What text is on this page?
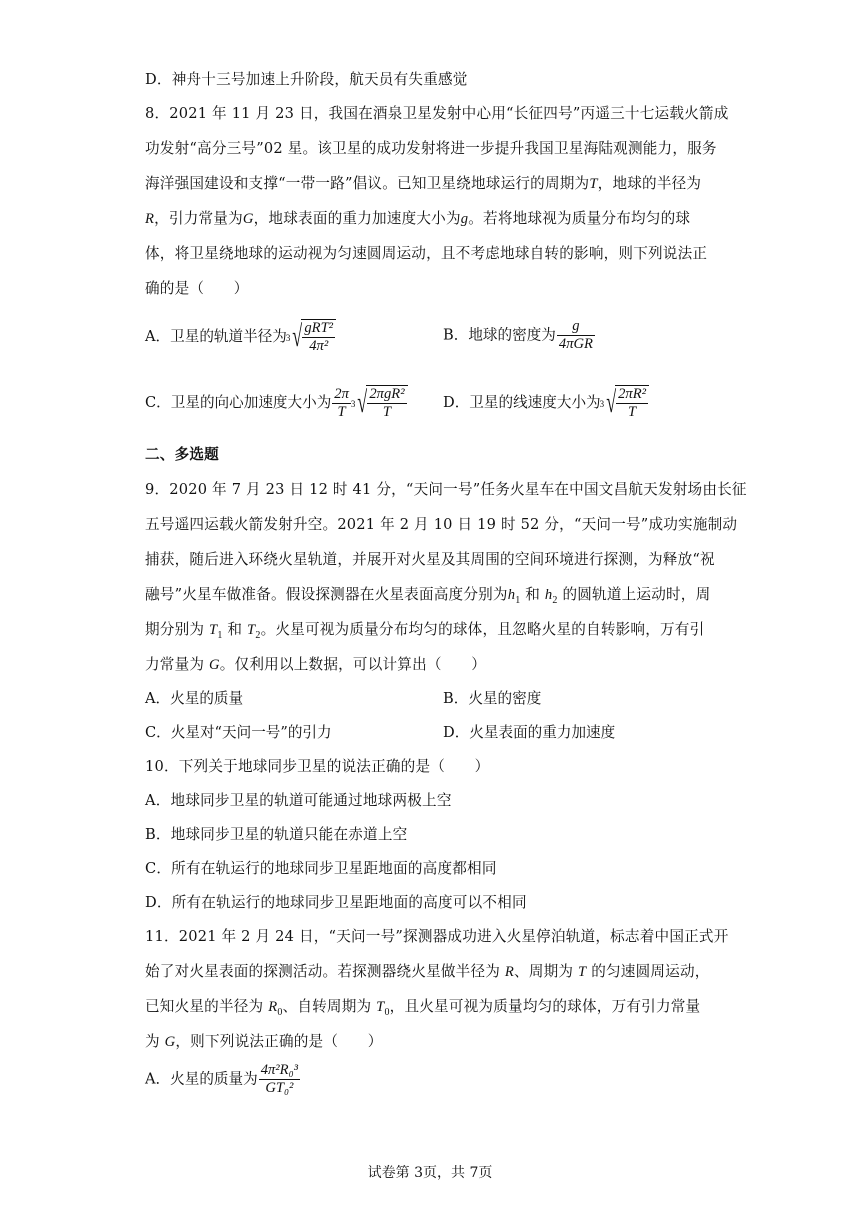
D．神舟十三号加速上升阶段，航天员有失重感觉
8．2021 年 11 月 23 日，我国在酒泉卫星发射中心用“长征四号”丙遥三十七运载火箭成
功发射“高分三号”02 星。该卫星的成功发射将进一步提升我国卫星海陆观测能力，服务
海洋强国建设和支撑“一带一路”倡议。已知卫星绕地球运行的周期为T，地球的半径为
R，引力常量为G，地球表面的重力加速度大小为g。若将地球视为质量分布均匀的球
体，将卫星绕地球的运动视为匀速圆周运动，且不考虑地球自转的影响，则下列说法正
确的是（　　）
A．卫星的轨道半径为 3 √ $\frac{\text{gRT²}}{\text{4π²}}$	B．地球的密度为 $\frac{g}{\text{4πGR}}$
C．卫星的向心加速度大小为 $\frac{2\pi}{T} 3$ √ $\frac{\text{2πgR²}}{T}$ D．卫星的线速度大小为 3 √ $\frac{\text{2πR²}}{T}$
二、多选题
9．2020 年 7 月 23 日 12 时 41 分，“天问一号”任务火星车在中国文昌航天发射场由长征
五号遥四运载火箭发射升空。2021 年 2 月 10 日 19 时 52 分，“天问一号”成功实施制动
捕获，随后进入环绕火星轨道，并展开对火星及其周围的空间环境进行探测，为释放“祝
融号”火星车做准备。假设探测器在火星表面高度分别为$h_1$ 和 $h_2$ 的圆轨道上运动时，周
期分别为 $T_1$ 和 $T_2$。火星可视为质量分布均匀的球体，且忽略火星的自转影响，万有引
力常量为 G。仅利用以上数据，可以计算出（　　）
A．火星的质量	B．火星的密度
C．火星对“天问一号”的引力	D．火星表面的重力加速度
10．下列关于地球同步卫星的说法正确的是（　　）
A．地球同步卫星的轨道可能通过地球两极上空
B．地球同步卫星的轨道只能在赤道上空
C．所有在轨运行的地球同步卫星距地面的高度都相同
D．所有在轨运行的地球同步卫星距地面的高度可以不相同
11．2021 年 2 月 24 日，“天问一号”探测器成功进入火星停泊轨道，标志着中国正式开
始了对火星表面的探测活动。若探测器绕火星做半径为 R、周期为 T 的匀速圆周运动，
已知火星的半径为 $R_0$、自转周期为 $T_0$，且火星可视为质量均匀的球体，万有引力常量
为 G，则下列说法正确的是（　　）
A．火星的质量为 $\frac{\text{4π²R₀³}}{\text{GT₀²}}$
试卷第 3页，共 7页
